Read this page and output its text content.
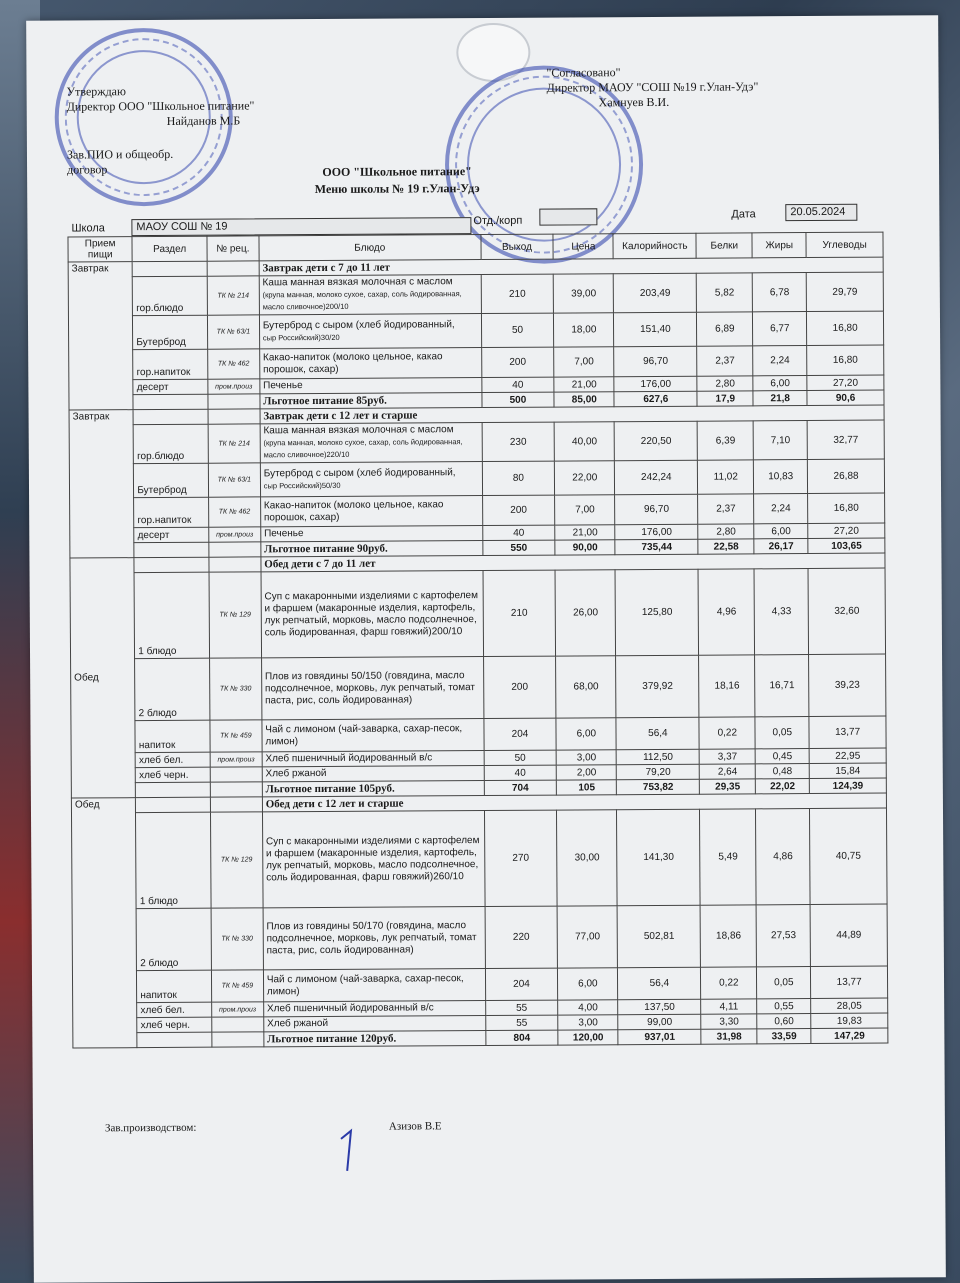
Утверждаю
Директор ООО "Школьное питание"
Найданов М.Б
Зав.ПИО и общеобр.
договор
"Согласовано"
Директор МАОУ "СОШ №19 г.Улан-Удэ"
Хамнуев В.И.
ООО "Школьное питание"
Меню школы № 19 г.Улан-Удэ
Школа	МАОУ СОШ № 19	Отд./корп
Дата	20.05.2024
Прием пищи	Раздел	№ рец.	Блюдо	Выход	Цена	Калорийность	Белки	Жиры	Углеводы
Завтрак			Завтрак дети с 7 до 11 лет						
	гор.блюдо	ТК № 214	Каша манная вязкая молочная с маслом
(крупа манная, молоко сухое, сахар, соль йодированная, масло сливочное)200/10	210	39,00	203,49	5,82	6,78	29,79
	Бутерброд	ТК № 63/1	Бутерброд с сыром (хлеб йодированный,
сыр Российский)30/20	50	18,00	151,40	6,89	6,77	16,80
	гор.напиток	ТК № 462	Какао-напиток (молоко цельное, какао порошок, сахар)	200	7,00	96,70	2,37	2,24	16,80
	десерт	пром.произ	Печенье	40	21,00	176,00	2,80	6,00	27,20
			Льготное питание 85руб.	500	85,00	627,6	17,9	21,8	90,6
Завтрак			Завтрак дети с 12 лет и старше						
	гор.блюдо	ТК № 214	Каша манная вязкая молочная с маслом
(крупа манная, молоко сухое, сахар, соль йодированная, масло сливочное)220/10	230	40,00	220,50	6,39	7,10	32,77
	Бутерброд	ТК № 63/1	Бутерброд с сыром (хлеб йодированный,
сыр Российский)50/30	80	22,00	242,24	11,02	10,83	26,88
	гор.напиток	ТК № 462	Какао-напиток (молоко цельное, какао порошок, сахар)	200	7,00	96,70	2,37	2,24	16,80
	десерт	пром.произ	Печенье	40	21,00	176,00	2,80	6,00	27,20
			Льготное питание 90руб.	550	90,00	735,44	22,58	26,17	103,65
Обед			Обед дети с 7 до 11 лет						
	1 блюдо	ТК № 129	Суп с макаронными изделиями с картофелем и фаршем (макаронные изделия, картофель, лук репчатый, морковь, масло подсолнечное, соль йодированная, фарш говяжий)200/10	210	26,00	125,80	4,96	4,33	32,60
	2 блюдо	ТК № 330	Плов из говядины 50/150 (говядина, масло подсолнечное, морковь, лук репчатый, томат паста, рис, соль йодированная)	200	68,00	379,92	18,16	16,71	39,23
	напиток	ТК № 459	Чай с лимоном (чай-заварка, сахар-песок, лимон)	204	6,00	56,4	0,22	0,05	13,77
	хлеб бел.	пром.произ	Хлеб пшеничный йодированный в/с	50	3,00	112,50	3,37	0,45	22,95
	хлеб черн.		Хлеб ржаной	40	2,00	79,20	2,64	0,48	15,84
			Льготное питание 105руб.	704	105	753,82	29,35	22,02	124,39
Обед			Обед дети с 12 лет и старше						
	1 блюдо	ТК № 129	Суп с макаронными изделиями с картофелем и фаршем (макаронные изделия, картофель, лук репчатый, морковь, масло подсолнечное, соль йодированная, фарш говяжий)260/10	270	30,00	141,30	5,49	4,86	40,75
	2 блюдо	ТК № 330	Плов из говядины 50/170 (говядина, масло подсолнечное, морковь, лук репчатый, томат паста, рис, соль йодированная)	220	77,00	502,81	18,86	27,53	44,89
	напиток	ТК № 459	Чай с лимоном (чай-заварка, сахар-песок, лимон)	204	6,00	56,4	0,22	0,05	13,77
	хлеб бел.	пром.произ	Хлеб пшеничный йодированный в/с	55	4,00	137,50	4,11	0,55	28,05
	хлеб черн.		Хлеб ржаной	55	3,00	99,00	3,30	0,60	19,83
			Льготное питание 120руб.	804	120,00	937,01	31,98	33,59	147,29
Зав.производством:	Азизов В.Е
